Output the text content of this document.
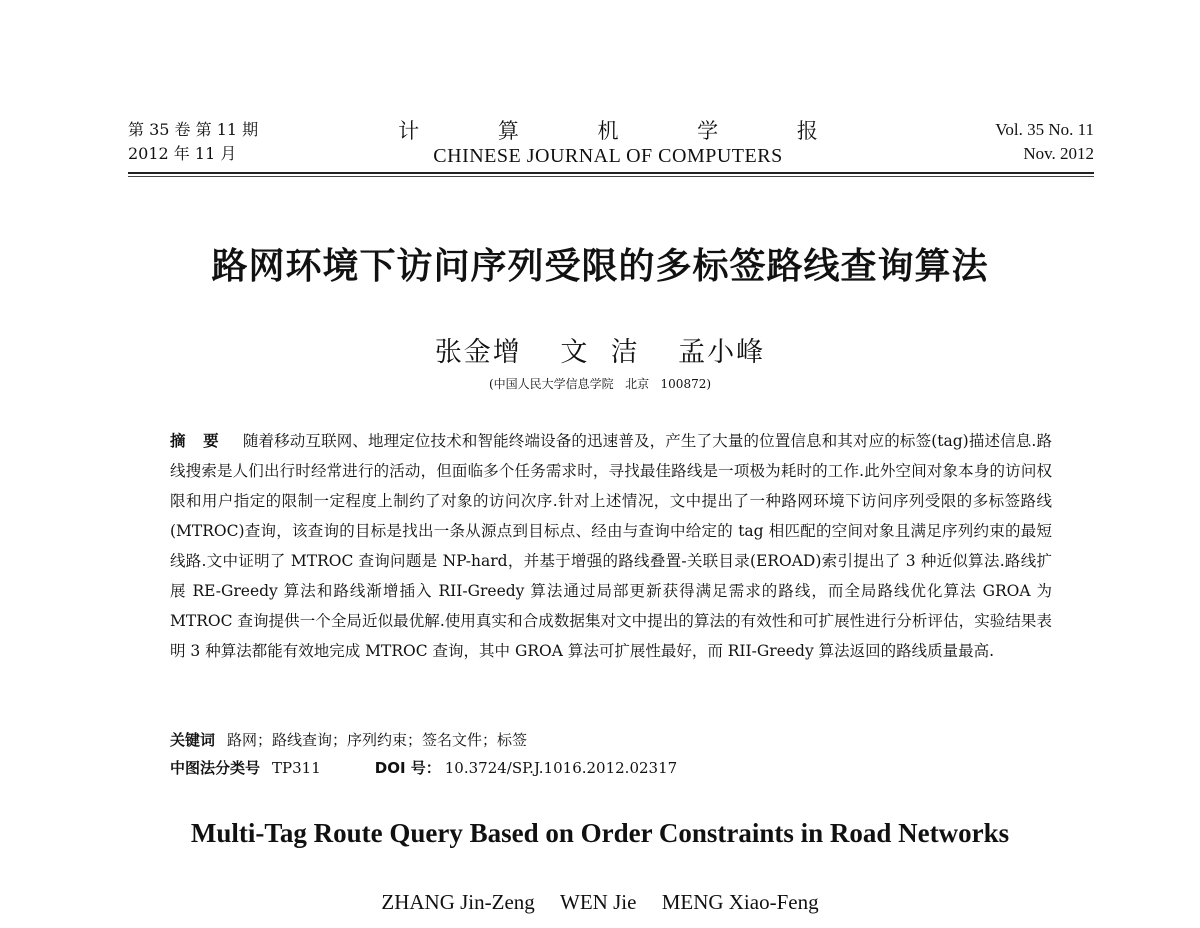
第 35 卷 第 11 期
2012 年 11 月
计 算 机 学 报
CHINESE JOURNAL OF COMPUTERS
Vol. 35 No. 11
Nov. 2012
路网环境下访问序列受限的多标签路线查询算法
张金增 文  洁 孟小峰
(中国人民大学信息学院   北京   100872)
摘 要 随着移动互联网、地理定位技术和智能终端设备的迅速普及，产生了大量的位置信息和其对应的标签(tag)描述信息.路线搜索是人们出行时经常进行的活动，但面临多个任务需求时，寻找最佳路线是一项极为耗时的工作.此外空间对象本身的访问权限和用户指定的限制一定程度上制约了对象的访问次序.针对上述情况，文中提出了一种路网环境下访问序列受限的多标签路线(MTROC)查询，该查询的目标是找出一条从源点到目标点、经由与查询中给定的 tag 相匹配的空间对象且满足序列约束的最短线路.文中证明了 MTROC 查询问题是 NP-hard，并基于增强的路线叠置-关联目录(EROAD)索引提出了 3 种近似算法.路线扩展 RE-Greedy 算法和路线渐增插入 RII-Greedy 算法通过局部更新获得满足需求的路线，而全局路线优化算法 GROA 为 MTROC 查询提供一个全局近似最优解.使用真实和合成数据集对文中提出的算法的有效性和可扩展性进行分析评估，实验结果表明 3 种算法都能有效地完成 MTROC 查询，其中 GROA 算法可扩展性最好，而 RII-Greedy 算法返回的路线质量最高.
关键词 路网；路线查询；序列约束；签名文件；标签
中图法分类号 TP311	DOI 号： 10.3724/SP.J.1016.2012.02317
Multi-Tag Route Query Based on Order Constraints in Road Networks
ZHANG Jin-Zeng WEN Jie MENG Xiao-Feng
